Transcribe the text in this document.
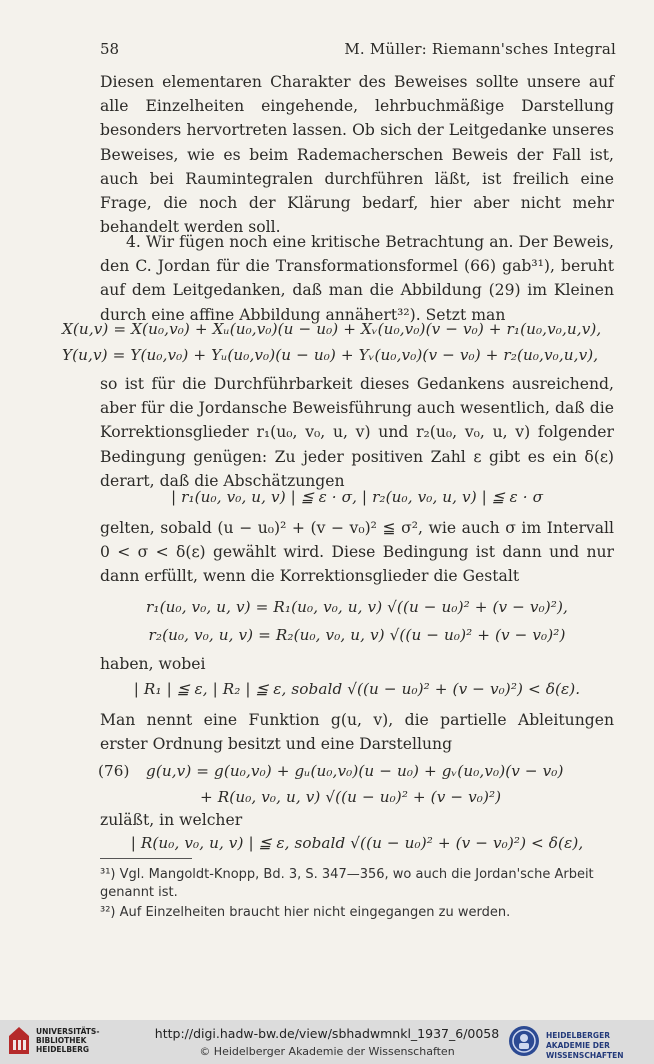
58	M. Müller: Riemann'sches Integral

Diesen elementaren Charakter des Beweises sollte unsere auf alle Einzelheiten eingehende, lehrbuchmäßige Darstellung besonders hervortreten lassen. Ob sich der Leitgedanke unseres Beweises, wie es beim Rademacherschen Beweis der Fall ist, auch bei Raumintegralen durchführen läßt, ist freilich eine Frage, die noch der Klärung bedarf, hier aber nicht mehr behandelt werden soll.

4. Wir fügen noch eine kritische Betrachtung an. Der Beweis, den C. Jordan für die Transformationsformel (66) gab³¹), beruht auf dem Leitgedanken, daß man die Abbildung (29) im Kleinen durch eine affine Abbildung annähert³²). Setzt man

X(u,v) = X(u₀,v₀) + Xᵤ(u₀,v₀)(u − u₀) + Xᵥ(u₀,v₀)(v − v₀) + r₁(u₀,v₀,u,v),
Y(u,v) = Y(u₀,v₀) + Yᵤ(u₀,v₀)(u − u₀) + Yᵥ(u₀,v₀)(v − v₀) + r₂(u₀,v₀,u,v),

so ist für die Durchführbarkeit dieses Gedankens ausreichend, aber für die Jordansche Beweisführung auch wesentlich, daß die Korrektionsglieder r₁(u₀, v₀, u, v) und r₂(u₀, v₀, u, v) folgender Bedingung genügen: Zu jeder positiven Zahl ε gibt es ein δ(ε) derart, daß die Abschätzungen

| r₁(u₀, v₀, u, v) | ≦ ε · σ, | r₂(u₀, v₀, u, v) | ≦ ε · σ

gelten, sobald (u − u₀)² + (v − v₀)² ≦ σ², wie auch σ im Intervall 0 < σ < δ(ε) gewählt wird. Diese Bedingung ist dann und nur dann erfüllt, wenn die Korrektionsglieder die Gestalt

r₁(u₀, v₀, u, v) = R₁(u₀, v₀, u, v) √((u − u₀)² + (v − v₀)²),
r₂(u₀, v₀, u, v) = R₂(u₀, v₀, u, v) √((u − u₀)² + (v − v₀)²)

haben, wobei

| R₁ | ≦ ε, | R₂ | ≦ ε, sobald √((u − u₀)² + (v − v₀)²) < δ(ε).

Man nennt eine Funktion g(u, v), die partielle Ableitungen erster Ordnung besitzt und eine Darstellung

(76) g(u,v) = g(u₀,v₀) + gᵤ(u₀,v₀)(u − u₀) + gᵥ(u₀,v₀)(v − v₀)
+ R(u₀, v₀, u, v) √((u − u₀)² + (v − v₀)²)

zuläßt, in welcher

| R(u₀, v₀, u, v) | ≦ ε, sobald √((u − u₀)² + (v − v₀)²) < δ(ε),
³¹) Vgl. Mangoldt-Knopp, Bd. 3, S. 347—356, wo auch die Jordan'sche Arbeit genannt ist.
³²) Auf Einzelheiten braucht hier nicht eingegangen zu werden.
UNIVERSITÄTS-BIBLIOTHEK HEIDELBERG
http://digi.hadw-bw.de/view/sbhadwmnkl_1937_6/0058
© Heidelberger Akademie der Wissenschaften
HEIDELBERGER AKADEMIE DER WISSENSCHAFTEN
